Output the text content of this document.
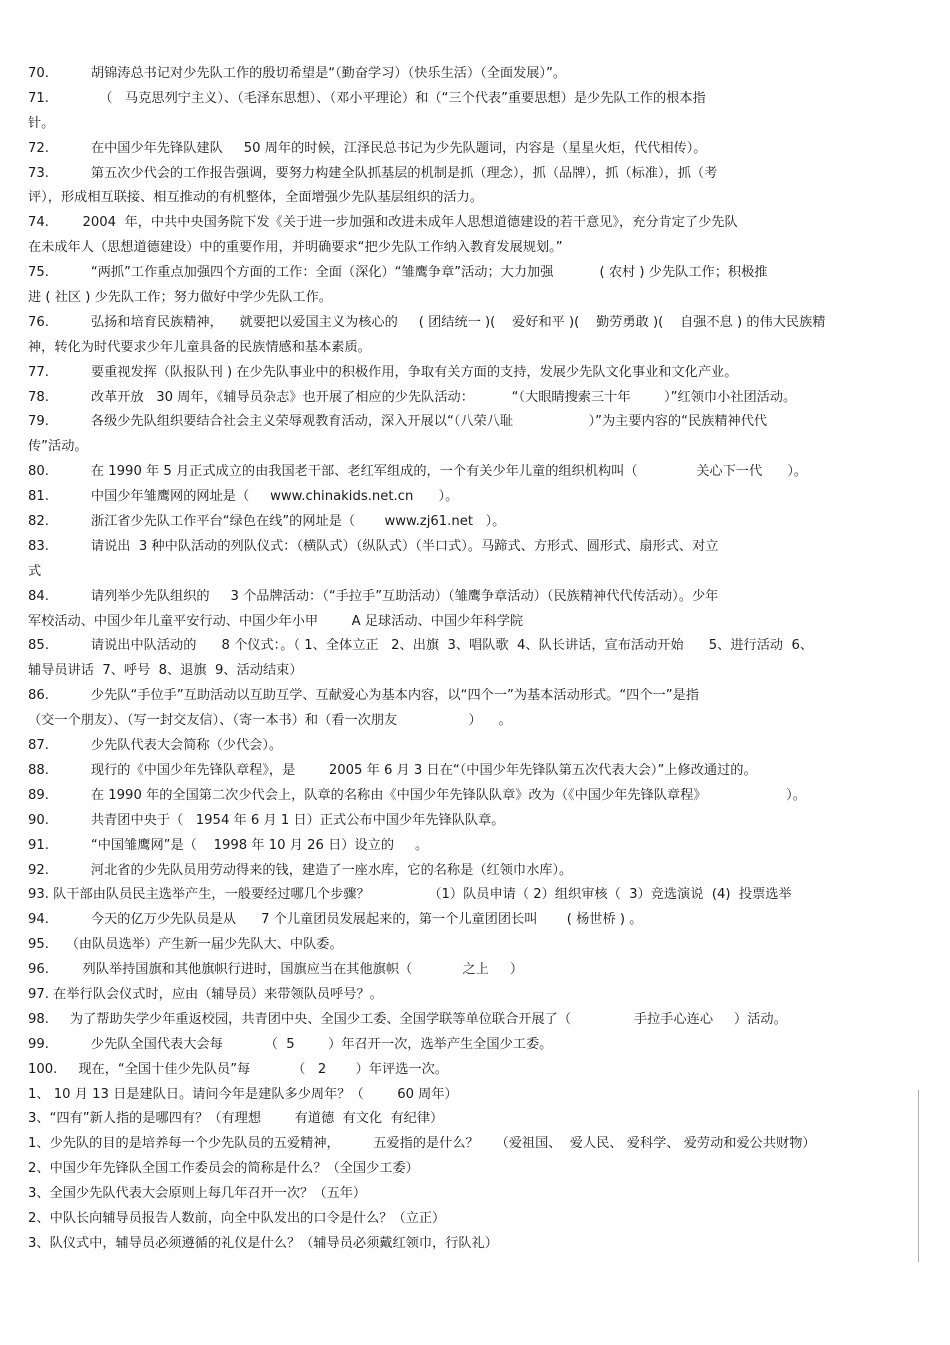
70.          胡锦涛总书记对少先队工作的殷切希望是“（勤奋学习）（快乐生活）（全面发展）”。
71.            （   马克思列宁主义）、（毛泽东思想）、（邓小平理论）和（“三个代表”重要思想）是少先队工作的根本指
针。
72.          在中国少年先锋队建队     50 周年的时候，江泽民总书记为少先队题词，内容是（星星火炬，代代相传）。
73.          第五次少代会的工作报告强调，要努力构建全队抓基层的机制是抓（理念），抓（品牌），抓（标准），抓（考
评），形成相互联接、相互推动的有机整体，全面增强少先队基层组织的活力。
74.        2004  年，中共中央国务院下发《关于进一步加强和改进未成年人思想道德建设的若干意见》，充分肯定了少先队
在未成年人（思想道德建设）中的重要作用，并明确要求“把少先队工作纳入教育发展规划。”
75.          “两抓”工作重点加强四个方面的工作：全面（深化）“雏鹰争章”活动；大力加强           ( 农村 ) 少先队工作；积极推
进 ( 社区 ) 少先队工作；努力做好中学少先队工作。
76.          弘扬和培育民族精神，    就要把以爱国主义为核心的     ( 团结统一 )(    爱好和平 )(    勤劳勇敢 )(    自强不息 ) 的伟大民族精
神，转化为时代要求少年儿童具备的民族情感和基本素质。
77.          要重视发挥（队报队刊 ) 在少先队事业中的积极作用，争取有关方面的支持，发展少先队文化事业和文化产业。
78.          改革开放   30 周年，《辅导员杂志》也开展了相应的少先队活动：         “（大眼睛搜索三十年        ）”红领巾小社团活动。
79.          各级少先队组织要结合社会主义荣辱观教育活动，深入开展以“（八荣八耻                  ）”为主要内容的“民族精神代代
传”活动。
80.          在 1990 年 5 月正式成立的由我国老干部、老红军组成的，一个有关少年儿童的组织机构叫（              关心下一代      ）。
81.          中国少年雏鹰网的网址是（     www.chinakids.net.cn      ）。
82.          浙江省少先队工作平台“绿色在线”的网址是（       www.zj61.net   ）。
83.          请说出  3 种中队活动的列队仪式：（横队式）（纵队式）（半口式）。马蹄式、方形式、圆形式、扇形式、对立
式
84.          请列举少先队组织的     3 个品牌活动：（“手拉手”互助活动）（雏鹰争章活动）（民族精神代代传活动）。少年
军校活动、中国少年儿童平安行动、中国少年小甲        A 足球活动、中国少年科学院
85.          请说出中队活动的      8 个仪式：。（ 1、全体立正   2、出旗  3、唱队歌  4、队长讲话，宣布活动开始      5、进行活动  6、
辅导员讲话  7、呼号  8、退旗  9、活动结束）
86.          少先队“手位手”互助活动以互助互学、互献爱心为基本内容，以“四个一”为基本活动形式。“四个一”是指
（交一个朋友）、（写一封交友信）、（寄一本书）和（看一次朋友                 ）    。
87.          少先队代表大会简称（少代会）。
88.          现行的《中国少年先锋队章程》，是        2005 年 6 月 3 日在“（中国少年先锋队第五次代表大会）”上修改通过的。
89.          在 1990 年的全国第二次少代会上，队章的名称由《中国少年先锋队队章》改为（《中国少年先锋队章程》                   ）。
90.          共青团中央于（   1954 年 6 月 1 日）正式公布中国少年先锋队队章。
91.          “中国雏鹰网”是（    1998 年 10 月 26 日）设立的     。
92.          河北省的少先队员用劳动得来的钱，建造了一座水库，它的名称是（红领巾水库）。
93. 队干部由队员民主选举产生，一般要经过哪几个步骤？              （1）队员申请（ 2）组织审核（  3）竞选演说  (4)  投票选举
94.          今天的亿万少先队员是从      7 个儿童团员发展起来的，第一个儿童团团长叫       ( 杨世桥 ) 。
95.    （由队员选举）产生新一届少先队大、中队委。
96.        列队举持国旗和其他旗帜行进时，国旗应当在其他旗帜（            之上     ）
97. 在举行队会仪式时，应由（辅导员）来带领队员呼号？。
98.     为了帮助失学少年重返校园，共青团中央、全国少工委、全国学联等单位联合开展了（               手拉手心连心     ）活动。
99.          少先队全国代表大会每          （  5        ）年召开一次，选举产生全国少工委。
100.     现在，“全国十佳少先队员”每          （   2       ）年评选一次。
1、 10 月 13 日是建队日。请问今年是建队多少周年？（        60 周年）
3、“四有”新人指的是哪四有？（有理想        有道德  有文化  有纪律）
1、少先队的目的是培养每一个少先队员的五爱精神，        五爱指的是什么？    （爱祖国、  爱人民、 爱科学、 爱劳动和爱公共财物）
2、中国少年先锋队全国工作委员会的简称是什么？（全国少工委）
3、全国少先队代表大会原则上每几年召开一次？（五年）
2、中队长向辅导员报告人数前，向全中队发出的口令是什么？（立正）
3、队仪式中，辅导员必须遵循的礼仪是什么？（辅导员必须戴红领巾，行队礼）
